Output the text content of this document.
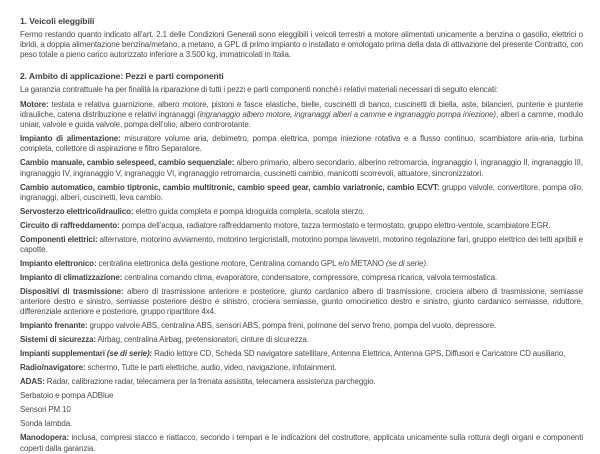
1. Veicoli eleggibili

Fermo restando quanto indicato all’art. 2.1 delle Condizioni Generali sono eleggibili i veicoli terrestri a motore alimentati unicamente a benzina o gasolio, elettrici o ibridi, a doppia alimentazione benzina/metano, a metano, a GPL di primo impianto o installato e omologato prima della data di attivazione del presente Contratto, con peso totale a pieno carico autorizzato inferiore a 3.500 kg, immatricolati in Italia.

2. Ambito di applicazione: Pezzi e parti componenti

La garanzia contrattuale ha per finalità la riparazione di tutti i pezzi e parti componenti nonché i relativi materiali necessari di seguito elencati:

Motore: testata e relativa guarnizione, albero motore, pistoni e fasce elastiche, bielle, cuscinetti di banco, cuscinetti di biella, aste, bilancieri, punterie e punterie idrauliche, catena distribuzione e relativi ingranaggi (ingranaggio albero motore, ingranaggi alberi a camme e ingranaggio pompa iniezione), alberi a camme, modulo uniair, valvole e guida valvole, pompa dell’olio, albero controrotante.

Impianto di alimentazione: misuratore volume aria, debimetro, pompa elettrica, pompa iniezione rotativa e a flusso continuo, scambiatore aria-aria, turbina completa, collettore di aspirazione e filtro Separatore.

Cambio manuale, cambio selespeed, cambio sequenziale: albero primario, albero secondario, alberino retromarcia, ingranaggio I, ingranaggio II, ingranaggio III, ingranaggio IV, ingranaggio V, ingranaggio VI, ingranaggio retromarcia, cuscinetti cambio, manicotti scorrevoli, attuatore, sincronizzatori.

Cambio automatico, cambio tiptronic, cambio multitronic, cambio speed gear, cambio variatronic, cambio ECVT: gruppo valvole, convertitore, pompa olio, ingranaggi, alberi, cuscinetti, leva cambio.

Servosterzo elettrico/idraulico: elettro guida completa e pompa idroguida completa, scatola sterzo.

Circuito di raffreddamento: pompa dell’acqua, radiatore raffreddamento motore, tazza termostato e termostato, gruppo elettro-ventole, scambiatore EGR.

Componenti elettrici: alternatore, motorino avviamento, motorino tergicristalli, motorino pompa lavavetri, motorino regolazione fari, gruppo elettrico dei tetti apribili e capotte.

Impianto elettronico: centralina elettronica della gestione motore, Centralina comando GPL e/o METANO (se di serie).

Impianto di climatizzazione: centralina comando clima, evaporatore, condensatore, compressore, compresa ricarica, valvola termostatica.

Dispositivi di trasmissione: albero di trasmissione anteriore e posteriore, giunto cardanico albero di trasmissione, crociera albero di trasmissione, semiasse anteriore destro e sinistro, semiasse posteriore destro e sinistro, crociera semiasse, giunto omocinetico destro e sinistro, giunto cardanico semiasse, riduttore, differenziale anteriore e posteriore, gruppo ripartitore 4x4.

Impianto frenante: gruppo valvole ABS, centralina ABS, sensori ABS, pompa freni, polmone del servo freno, pompa del vuoto, depressore.

Sistemi di sicurezza: Airbag, centralina Airbag, pretensionatori, cinture di sicurezza.

Impianti supplementari (se di serie): Radio lettore CD, Scheda SD navigatore satellitare, Antenna Elettrica, Antenna GPS, Diffusori e Caricatore CD ausiliario,

Radio/navigatore: schermo, Tutte le parti elettriche, audio, video, navigazione, infotainment.

ADAS: Radar, calibrazione radar, telecamera per la frenata assistita, telecamera assistenza parcheggio.

Serbatoio e pompa ADBlue

Sensori PM 10

Sonda lambda.

Manodopera: inclusa, compresi stacco e riattacco, secondo i tempari e le indicazioni del costruttore, applicata unicamente sulla rottura degli organi e componenti coperti dalla garanzia.
